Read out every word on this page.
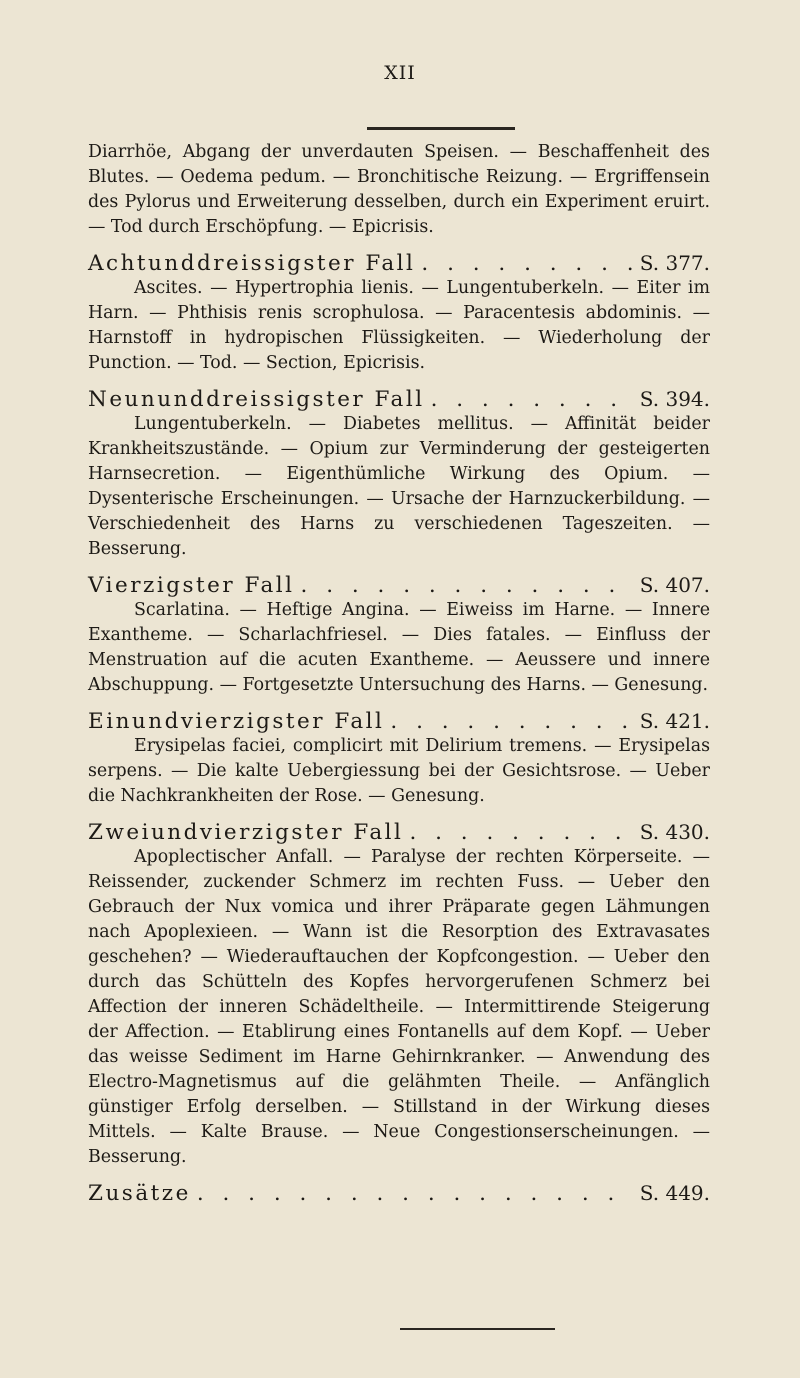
XII

Diarrhöe, Abgang der unverdauten Speisen. — Beschaffenheit des Blutes. — Oedema pedum. — Bronchitische Reizung. — Ergriffensein des Pylorus und Erweiterung desselben, durch ein Experiment eruirt. — Tod durch Erschöpfung. — Epicrisis.

Achtunddreissigster Fall . . .	S. 377.

Ascites. — Hypertrophia lienis. — Lungentuberkeln. — Eiter im Harn. — Phthisis renis scrophulosa. — Paracentesis abdominis. — Harnstoff in hydropischen Flüssigkeiten. — Wiederholung der Punction. — Tod. — Section, Epicrisis.

Neununddreissigster Fall . . .	S. 394.

Lungentuberkeln. — Diabetes mellitus. — Affinität beider Krankheitszustände. — Opium zur Verminderung der gesteigerten Harnsecretion. — Eigenthümliche Wirkung des Opium. — Dysenterische Erscheinungen. — Ursache der Harnzuckerbildung. — Verschiedenheit des Harns zu verschiedenen Tageszeiten. — Besserung.

Vierzigster Fall . . .	S. 407.

Scarlatina. — Heftige Angina. — Eiweiss im Harne. — Innere Exantheme. — Scharlachfriesel. — Dies fatales. — Einfluss der Menstruation auf die acuten Exantheme. — Aeussere und innere Abschuppung. — Fortgesetzte Untersuchung des Harns. — Genesung.

Einundvierzigster Fall . . .	S. 421.

Erysipelas faciei, complicirt mit Delirium tremens. — Erysipelas serpens. — Die kalte Uebergiessung bei der Gesichtsrose. — Ueber die Nachkrankheiten der Rose. — Genesung.

Zweiundvierzigster Fall . . .	S. 430.

Apoplectischer Anfall. — Paralyse der rechten Körperseite. — Reissender, zuckender Schmerz im rechten Fuss. — Ueber den Gebrauch der Nux vomica und ihrer Präparate gegen Lähmungen nach Apoplexieen. — Wann ist die Resorption des Extravasates geschehen? — Wiederauftauchen der Kopfcongestion. — Ueber den durch das Schütteln des Kopfes hervorgerufenen Schmerz bei Affection der inneren Schädeltheile. — Intermittirende Steigerung der Affection. — Etablirung eines Fontanells auf dem Kopf. — Ueber das weisse Sediment im Harne Gehirnkranker. — Anwendung des Electro-Magnetismus auf die gelähmten Theile. — Anfänglich günstiger Erfolg derselben. — Stillstand in der Wirkung dieses Mittels. — Kalte Brause. — Neue Congestionserscheinungen. — Besserung.

Zusätze . . .	S. 449.
